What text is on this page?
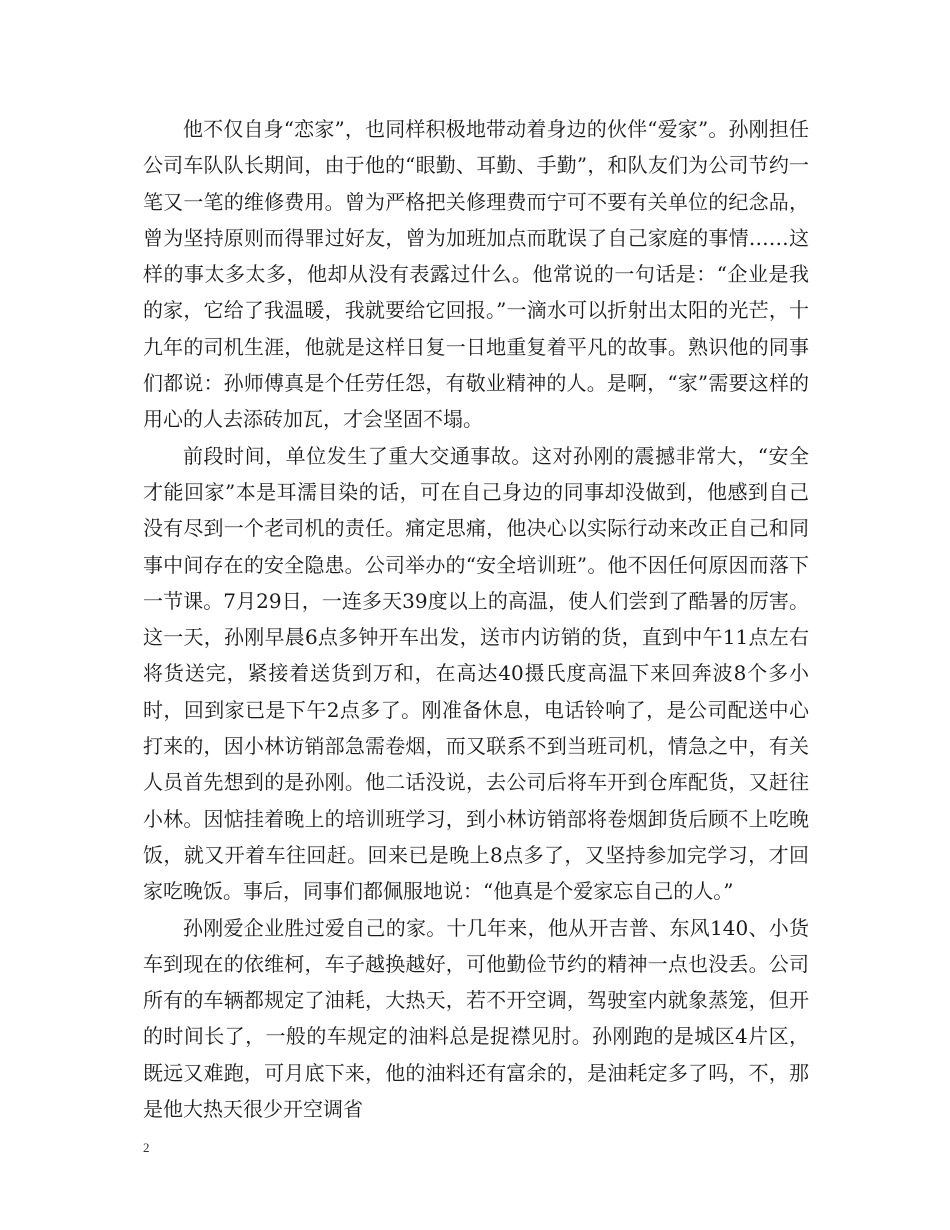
他不仅自身“恋家”，也同样积极地带动着身边的伙伴“爱家”。孙刚担任公司车队队长期间，由于他的“眼勤、耳勤、手勤”，和队友们为公司节约一笔又一笔的维修费用。曾为严格把关修理费而宁可不要有关单位的纪念品，曾为坚持原则而得罪过好友，曾为加班加点而耽误了自己家庭的事情……这样的事太多太多，他却从没有表露过什么。他常说的一句话是：“企业是我的家，它给了我温暖，我就要给它回报。”一滴水可以折射出太阳的光芒，十九年的司机生涯，他就是这样日复一日地重复着平凡的故事。熟识他的同事们都说：孙师傅真是个任劳任怨，有敬业精神的人。是啊，“家”需要这样的用心的人去添砖加瓦，才会坚固不塌。

前段时间，单位发生了重大交通事故。这对孙刚的震撼非常大，“安全才能回家”本是耳濡目染的话，可在自己身边的同事却没做到，他感到自己没有尽到一个老司机的责任。痛定思痛，他决心以实际行动来改正自己和同事中间存在的安全隐患。公司举办的“安全培训班”。他不因任何原因而落下一节课。7月29日，一连多天39度以上的高温，使人们尝到了酷暑的厉害。这一天，孙刚早晨6点多钟开车出发，送市内访销的货，直到中午11点左右将货送完，紧接着送货到万和，在高达40摄氏度高温下来回奔波8个多小时，回到家已是下午2点多了。刚准备休息，电话铃响了，是公司配送中心打来的，因小林访销部急需卷烟，而又联系不到当班司机，情急之中，有关人员首先想到的是孙刚。他二话没说，去公司后将车开到仓库配货，又赶往小林。因惦挂着晚上的培训班学习，到小林访销部将卷烟卸货后顾不上吃晚饭，就又开着车往回赶。回来已是晚上8点多了，又坚持参加完学习，才回家吃晚饭。事后，同事们都佩服地说：“他真是个爱家忘自己的人。”

孙刚爱企业胜过爱自己的家。十几年来，他从开吉普、东风140、小货车到现在的依维柯，车子越换越好，可他勤俭节约的精神一点也没丢。公司所有的车辆都规定了油耗，大热天，若不开空调，驾驶室内就象蒸笼，但开的时间长了，一般的车规定的油料总是捉襟见肘。孙刚跑的是城区4片区，既远又难跑，可月底下来，他的油料还有富余的，是油耗定多了吗，不，那是他大热天很少开空调省

2
